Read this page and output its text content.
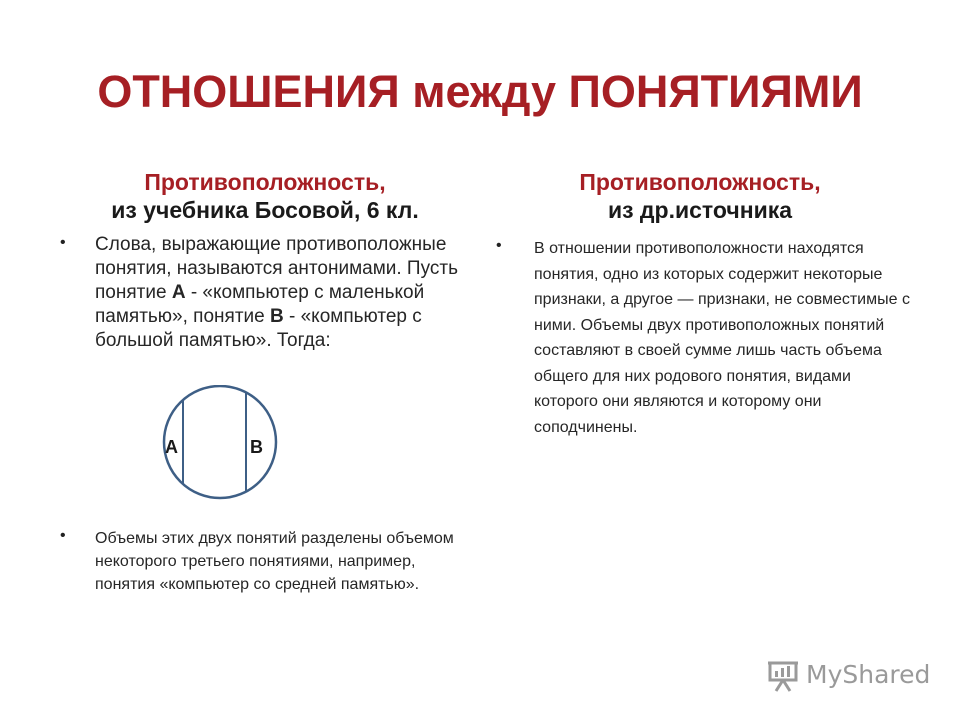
ОТНОШЕНИЯ между ПОНЯТИЯМИ
Противоположность,
из учебника Босовой, 6 кл.
Противоположность,
из др.источника
• Слова, выражающие противоположные понятия, называются антонимами. Пусть понятие А - «компьютер с маленькой памятью», понятие В - «компьютер с большой памятью». Тогда:
А	В
• Объемы этих двух понятий разделены объемом некоторого третьего понятиями, например, понятия «компьютер со средней памятью».
• В отношении противоположности находятся понятия, одно из которых содержит некоторые признаки, а другое — признаки, не совместимые с ними. Объемы двух противоположных понятий составляют в своей сумме лишь часть объема общего для них родового понятия, видами которого они являются и которому они соподчинены.
MyShared
